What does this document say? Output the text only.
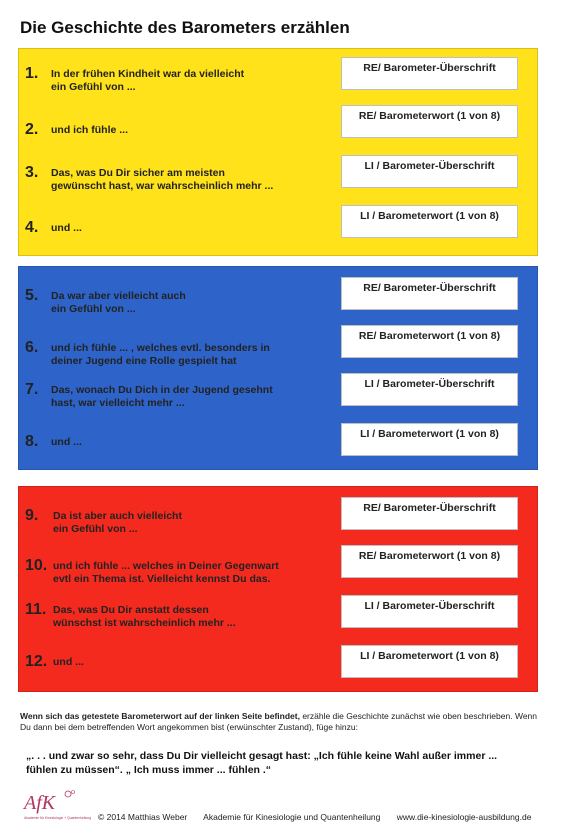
Die Geschichte des Barometers erzählen
1.	In der frühen Kindheit war da vielleicht
ein Gefühl von ...
RE/ Barometer-Überschrift
2.	und ich fühle ...
RE/ Barometerwort (1 von 8)
3.	Das, was Du Dir sicher am meisten
gewünscht hast, war wahrscheinlich mehr ...
LI / Barometer-Überschrift
4.	und ...
LI / Barometerwort (1 von 8)
5.	Da war aber vielleicht auch
ein Gefühl von ...
RE/ Barometer-Überschrift
6.	und ich fühle ... , welches evtl. besonders in
deiner Jugend eine Rolle gespielt hat
RE/ Barometerwort (1 von 8)
7.	Das, wonach Du Dich in der Jugend gesehnt
hast, war vielleicht mehr ...
LI / Barometer-Überschrift
8.	und ...
LI / Barometerwort (1 von 8)
9.	Da ist aber auch vielleicht
ein Gefühl von ...
RE/ Barometer-Überschrift
10. und ich fühle ... welches in Deiner Gegenwart
evtl ein Thema ist. Vielleicht kennst Du das.
RE/ Barometerwort (1 von 8)
11. Das, was Du Dir anstatt dessen
wünschst ist wahrscheinlich mehr ...
LI / Barometer-Überschrift
12. und ...	LI / Barometerwort (1 von 8)
Wenn sich das getestete Barometerwort auf der linken Seite befindet, erzähle die Geschichte zunächst wie oben beschrieben. Wenn Du dann bei dem betreffenden Wort angekommen bist (erwünschter Zustand), füge hinzu:
„. . . und zwar so sehr, dass Du Dir vielleicht gesagt hast: „Ich fühle keine Wahl außer immer ... fühlen zu müssen“. „ Ich muss immer ... fühlen .“
AfK
Akademie für Kinesiologie + Quantenheilung © 2014 Matthias Weber Akademie für Kinesiologie und Quantenheilung www.die-kinesiologie-ausbildung.de
